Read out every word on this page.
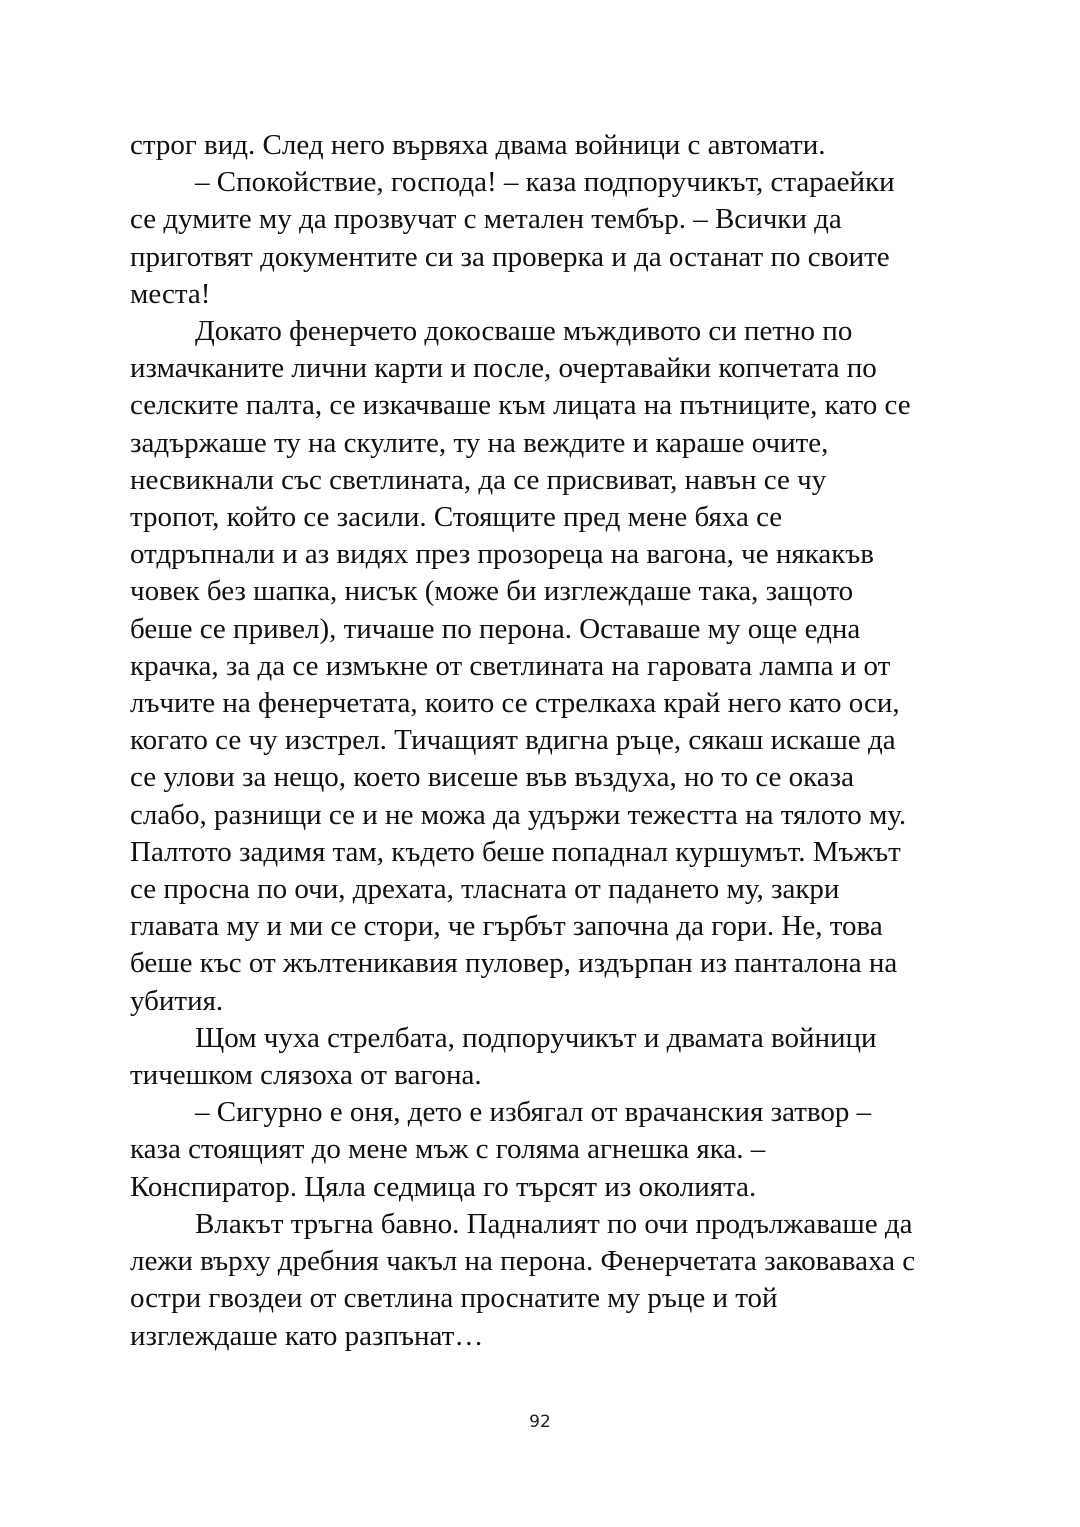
строг вид. След него вървяха двама войници с автомати.

– Спокойствие, господа! – каза подпоручикът, стараейки
се думите му да прозвучат с метален тембър. – Всички да
приготвят документите си за проверка и да останат по своите
места!

Докато фенерчето докосваше мъждивото си петно по
измачканите лични карти и после, очертавайки копчетата по
селските палта, се изкачваше към лицата на пътниците, като се
задържаше ту на скулите, ту на веждите и караше очите,
несвикнали със светлината, да се присвиват, навън се чу
тропот, който се засили. Стоящите пред мене бяха се
отдръпнали и аз видях през прозореца на вагона, че някакъв
човек без шапка, нисък (може би изглеждаше така, защото
беше се привел), тичаше по перона. Оставаше му още една
крачка, за да се измъкне от светлината на гаровата лампа и от
лъчите на фенерчетата, които се стрелкаха край него като оси,
когато се чу изстрел. Тичащият вдигна ръце, сякаш искаше да
се улови за нещо, което висеше във въздуха, но то се оказа
слабо, разнищи се и не можа да удържи тежестта на тялото му.
Палтото задимя там, където беше попаднал куршумът. Мъжът
се просна по очи, дрехата, тласната от падането му, закри
главата му и ми се стори, че гърбът започна да гори. Не, това
беше къс от жълтеникавия пуловер, издърпан из панталона на
убития.

Щом чуха стрелбата, подпоручикът и двамата войници
тичешком слязоха от вагона.

– Сигурно е оня, дето е избягал от врачанския затвор –
каза стоящият до мене мъж с голяма агнешка яка. –
Конспиратор. Цяла седмица го търсят из околията.

Влакът тръгна бавно. Падналият по очи продължаваше да
лежи върху дребния чакъл на перона. Фенерчетата заковаваха с
остри гвоздеи от светлина проснатите му ръце и той
изглеждаше като разпънат…

92
